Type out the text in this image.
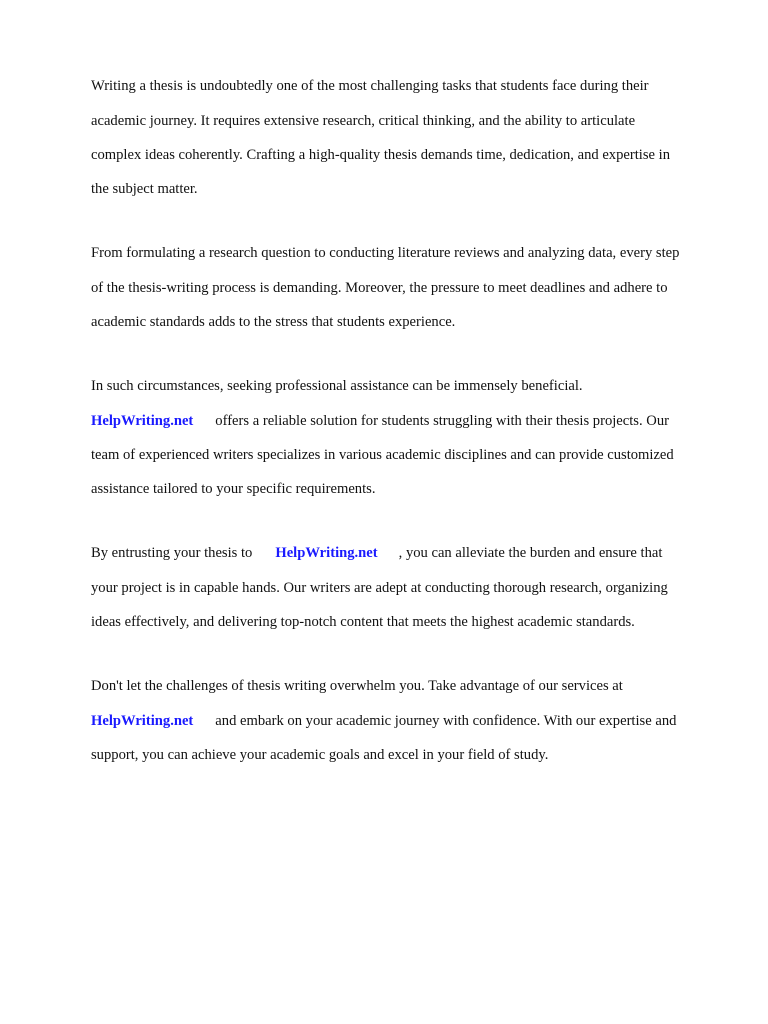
Writing a thesis is undoubtedly one of the most challenging tasks that students face during their

academic journey. It requires extensive research, critical thinking, and the ability to articulate

complex ideas coherently. Crafting a high-quality thesis demands time, dedication, and expertise in

the subject matter.

From formulating a research question to conducting literature reviews and analyzing data, every step

of the thesis-writing process is demanding. Moreover, the pressure to meet deadlines and adhere to

academic standards adds to the stress that students experience.

In such circumstances, seeking professional assistance can be immensely beneficial.

HelpWriting.net offers a reliable solution for students struggling with their thesis projects. Our

team of experienced writers specializes in various academic disciplines and can provide customized

assistance tailored to your specific requirements.

By entrusting your thesis to HelpWriting.net , you can alleviate the burden and ensure that

your project is in capable hands. Our writers are adept at conducting thorough research, organizing

ideas effectively, and delivering top-notch content that meets the highest academic standards.

Don't let the challenges of thesis writing overwhelm you. Take advantage of our services at

HelpWriting.net and embark on your academic journey with confidence. With our expertise and

support, you can achieve your academic goals and excel in your field of study.
